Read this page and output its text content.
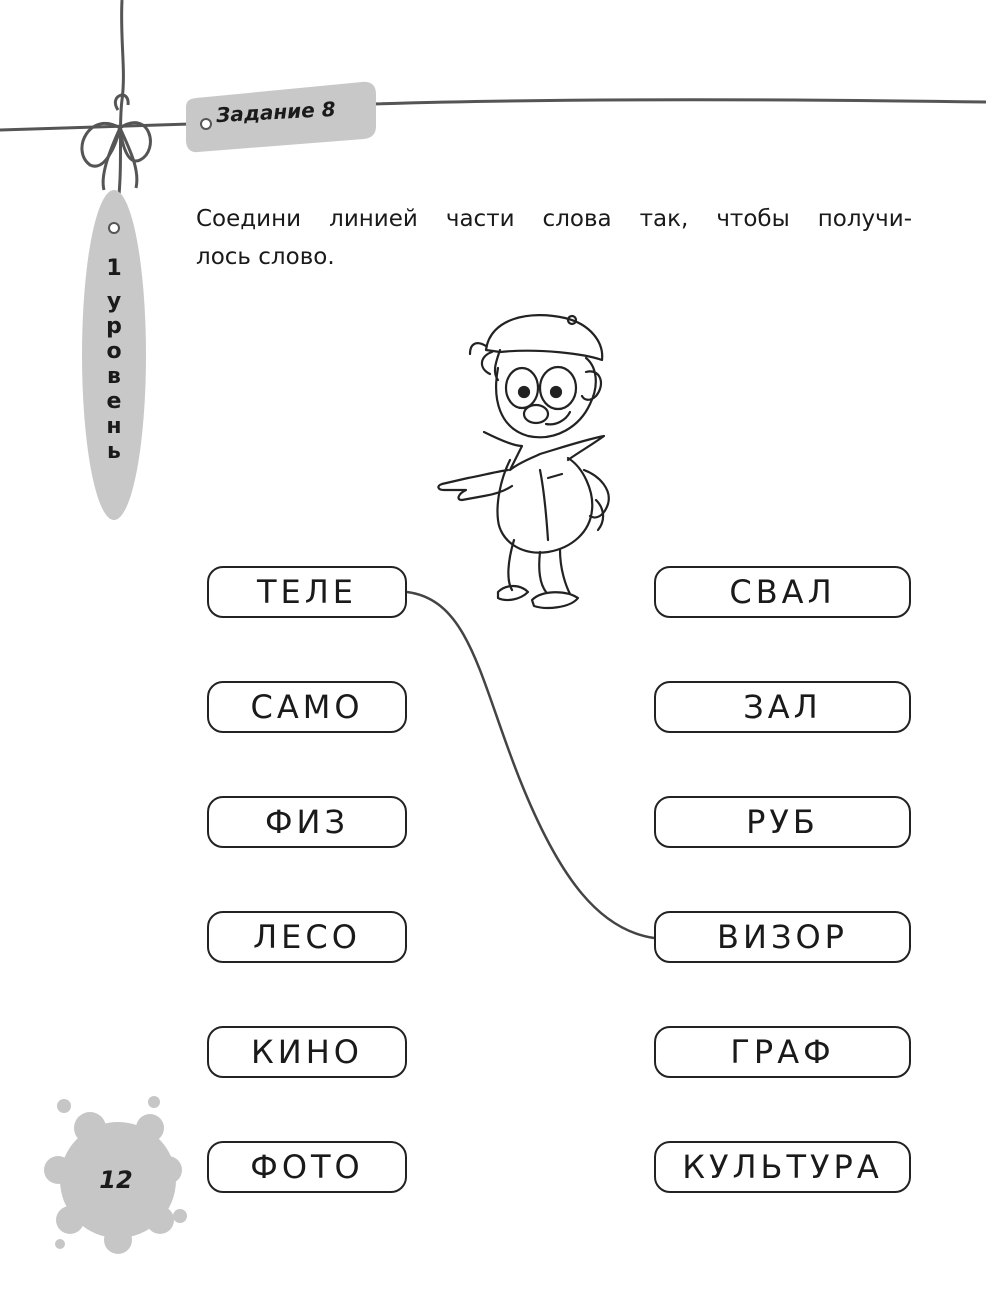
Задание 8
Соедини линией части слова так, чтобы получи-
лось слово.
1
у
р
о
в
е
н
ь
ТЕЛЕ
САМО
ФИЗ
ЛЕСО
КИНО
ФОТО
СВАЛ
ЗАЛ
РУБ
ВИЗОР
ГРАФ
КУЛЬТУРА
12
